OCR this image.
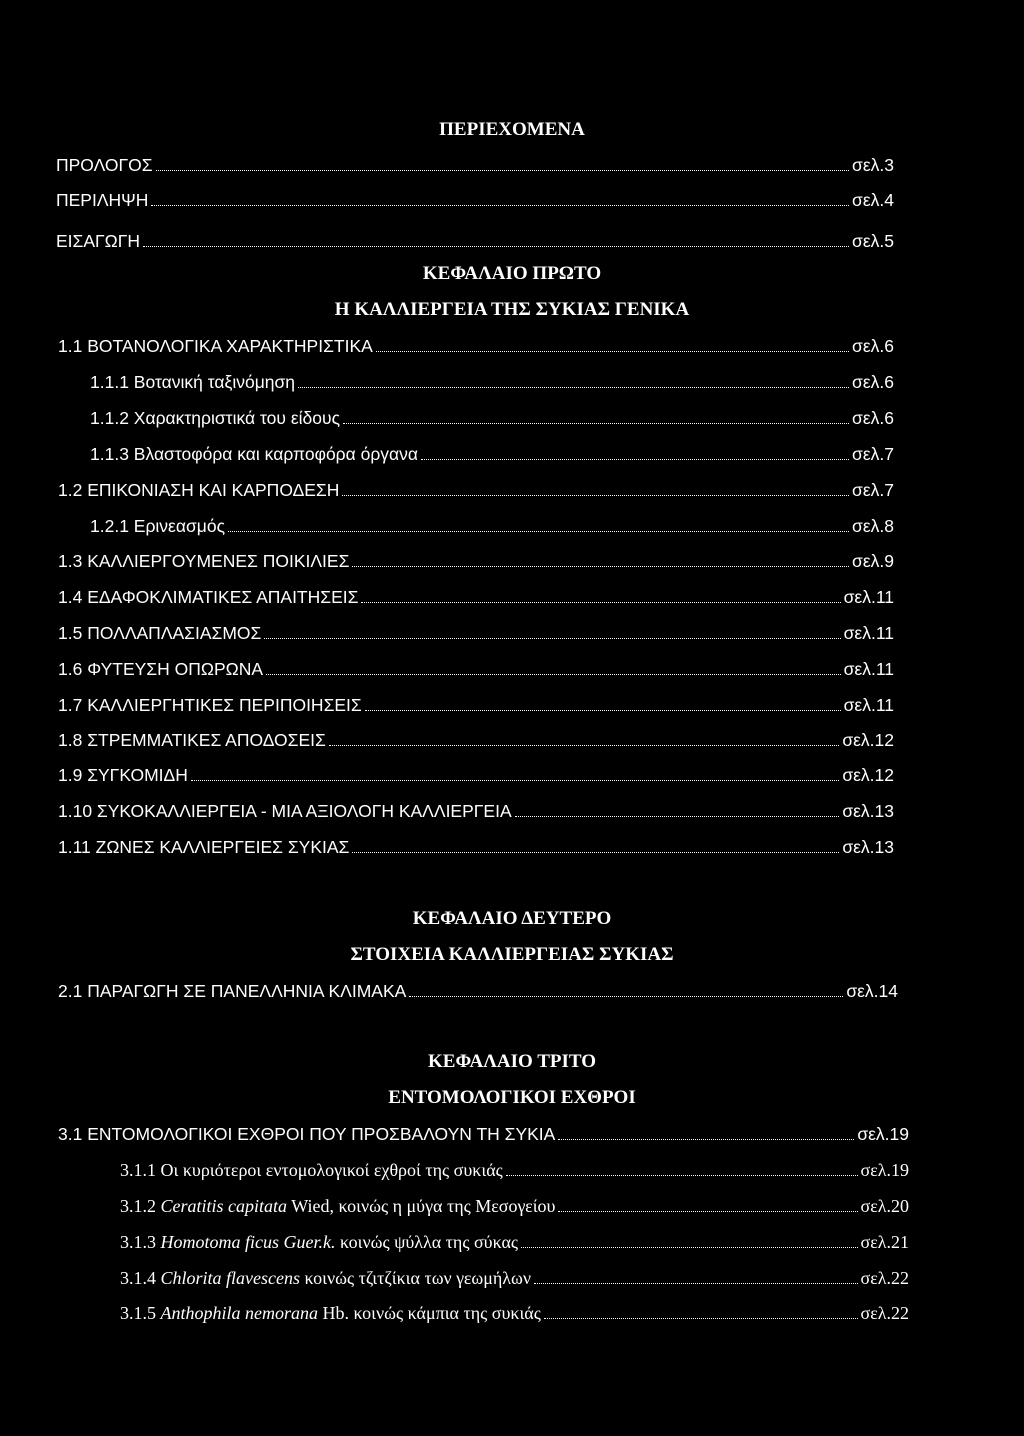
ΠΕΡΙΕΧΟΜΕΝΑ
ΠΡΟΛΟΓΟΣ	σελ.3
ΠΕΡΙΛΗΨΗ	σελ.4
ΕΙΣΑΓΩΓΗ	σελ.5
ΚΕΦΑΛΑΙΟ ΠΡΩΤΟ
Η ΚΑΛΛΙΕΡΓΕΙΑ ΤΗΣ ΣΥΚΙΑΣ ΓΕΝΙΚΑ
1.1 ΒΟΤΑΝΟΛΟΓΙΚΑ ΧΑΡΑΚΤΗΡΙΣΤΙΚΑ	σελ.6
1.1.1 Βοτανική ταξινόμηση	σελ.6
1.1.2 Χαρακτηριστικά του είδους	σελ.6
1.1.3 Βλαστοφόρα και καρποφόρα όργανα	σελ.7
1.2 ΕΠΙΚΟΝΙΑΣΗ ΚΑΙ ΚΑΡΠΟΔΕΣΗ	σελ.7
1.2.1 Ερινεασμός	σελ.8
1.3 ΚΑΛΛΙΕΡΓΟΥΜΕΝΕΣ ΠΟΙΚΙΛΙΕΣ	σελ.9
1.4 ΕΔΑΦΟΚΛΙΜΑΤΙΚΕΣ ΑΠΑΙΤΗΣΕΙΣ	σελ.11
1.5 ΠΟΛΛΑΠΛΑΣΙΑΣΜΟΣ	σελ.11
1.6 ΦΥΤΕΥΣΗ ΟΠΩΡΩΝΑ	σελ.11
1.7 ΚΑΛΛΙΕΡΓΗΤΙΚΕΣ ΠΕΡΙΠΟΙΗΣΕΙΣ	σελ.11
1.8 ΣΤΡΕΜΜΑΤΙΚΕΣ ΑΠΟΔΟΣΕΙΣ	σελ.12
1.9 ΣΥΓΚΟΜΙΔΗ	σελ.12
1.10 ΣΥΚΟΚΑΛΛΙΕΡΓΕΙΑ - ΜΙΑ ΑΞΙΟΛΟΓΗ ΚΑΛΛΙΕΡΓΕΙΑ	σελ.13
1.11 ΖΩΝΕΣ ΚΑΛΛΙΕΡΓΕΙΕΣ ΣΥΚΙΑΣ	σελ.13
ΚΕΦΑΛΑΙΟ ΔΕΥΤΕΡΟ
ΣΤΟΙΧΕΙΑ ΚΑΛΛΙΕΡΓΕΙΑΣ ΣΥΚΙΑΣ
2.1 ΠΑΡΑΓΩΓΗ ΣΕ ΠΑΝΕΛΛΗΝΙΑ ΚΛΙΜΑΚΑ	σελ.14
ΚΕΦΑΛΑΙΟ ΤΡΙΤΟ
ΕΝΤΟΜΟΛΟΓΙΚΟΙ ΕΧΘΡΟΙ
3.1 ΕΝΤΟΜΟΛΟΓΙΚΟΙ ΕΧΘΡΟΙ ΠΟΥ ΠΡΟΣΒΑΛΟΥΝ ΤΗ ΣΥΚΙΑ	σελ.19
3.1.1 Οι κυριότεροι εντομολογικοί εχθροί της συκιάς	σελ.19
3.1.2 Ceratitis capitata Wied, κοινώς η μύγα της Μεσογείου	σελ.20
3.1.3 Homotoma ficus Guer.k. κοινώς ψύλλα της σύκας	σελ.21
3.1.4 Chlorita flavescens κοινώς τζιτζίκια των γεωμήλων	σελ.22
3.1.5 Anthophila nemorana Hb. κοινώς κάμπια της συκιάς	σελ.22
